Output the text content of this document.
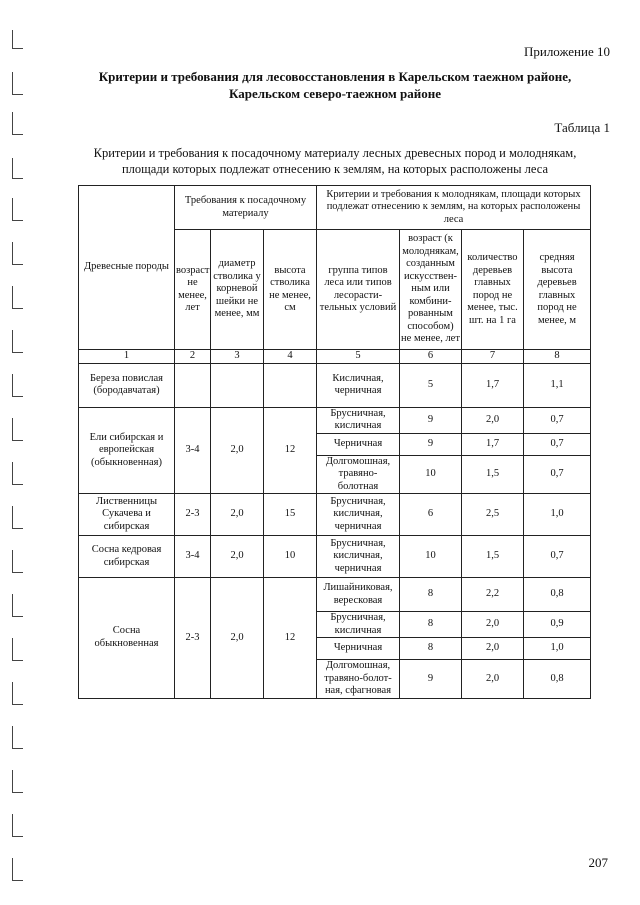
Приложение 10
Критерии и требования для лесовосстановления в Карельском таежном районе,
Карельском северо-таежном районе
Таблица 1
Критерии и требования к посадочному материалу лесных древесных пород и молоднякам,
площади которых подлежат отнесению к землям, на которых расположены леса
Древесные породы	Требования к посадочному материалу			Критерии и требования к молоднякам, площади которых подлежат отнесению к землям, на которых расположены леса			
	возраст не менее, лет	диаметр стволика у корневой шейки не менее, мм	высота стволика не менее, см	группа типов леса или типов лесорасти- тельных условий	возраст (к молоднякам, созданным искусствен- ным или комбини- рованным способом) не менее, лет	количество деревьев главных пород не менее, тыс. шт. на 1 га	средняя высота деревьев главных пород не менее, м
1	2	3	4	5	6	7	8
Береза повислая (бородавчатая)				Кисличная, черничная	5	1,7	1,1
Ели сибирская и европейская (обыкновенная)	3-4	2,0	12	Брусничная, кисличная	9	2,0	0,7
				Черничная	9	1,7	0,7
				Долгомошная, травяно- болотная	10	1,5	0,7
Лиственницы Сукачева и сибирская	2-3	2,0	15	Брусничная, кисличная, черничная	6	2,5	1,0
Сосна кедровая сибирская	3-4	2,0	10	Брусничная, кисличная, черничная	10	1,5	0,7
Сосна обыкновенная	2-3	2,0	12	Лишайниковая, вересковая	8	2,2	0,8
				Брусничная, кисличная	8	2,0	0,9
				Черничная	8	2,0	1,0
				Долгомошная, травяно-болот- ная, сфагновая	9	2,0	0,8
207
